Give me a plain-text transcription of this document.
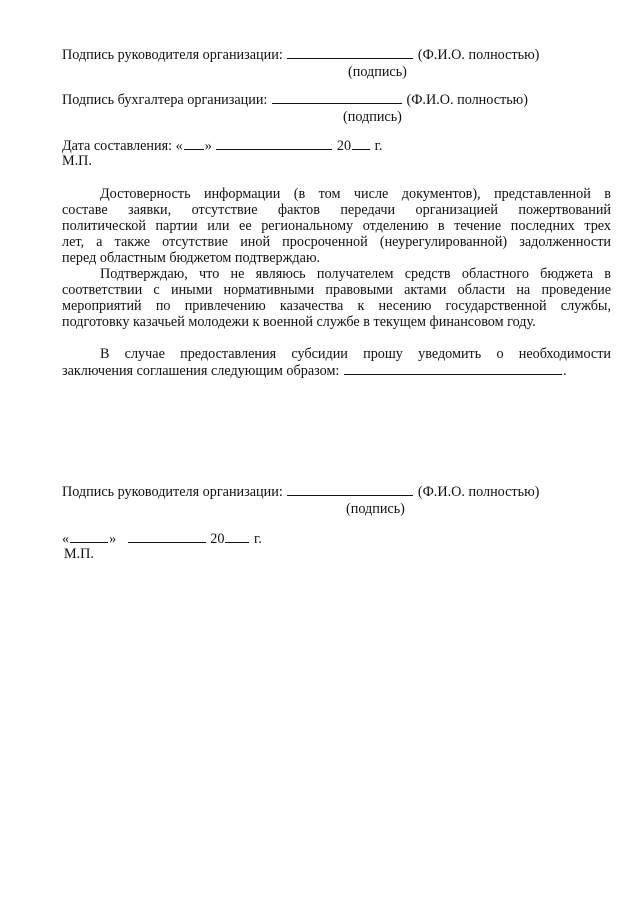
Подпись руководителя организации:	(Ф.И.О. полностью)
(подпись)
Подпись бухгалтера организации:	(Ф.И.О. полностью)
(подпись)
Дата составления: « »	20 г.
М.П.
Достоверность информации (в том числе документов), представленной в
составе заявки, отсутствие фактов передачи организацией пожертвований
политической партии или ее региональному отделению в течение последних трех
лет, а также отсутствие иной просроченной (неурегулированной) задолженности
перед областным бюджетом подтверждаю.
Подтверждаю, что не являюсь получателем средств областного бюджета в
соответствии с иными нормативными правовыми актами области на проведение
мероприятий по привлечению казачества к несению государственной службы,
подготовку казачьей молодежи к военной службе в текущем финансовом году.
В случае предоставления субсидии прошу уведомить о необходимости
заключения соглашения следующим образом:	.
Подпись руководителя организации:	(Ф.И.О. полностью)
(подпись)
«	»	20 г.
М.П.
